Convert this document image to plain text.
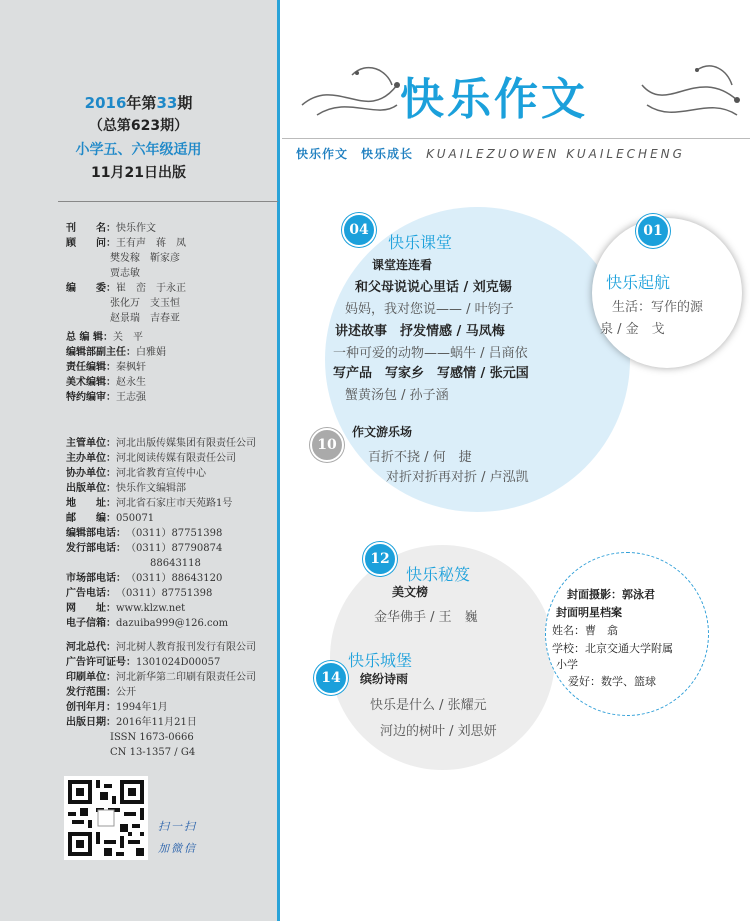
2016年第33期
（总第623期）
小学五、六年级适用
11月21日出版
刊　　名： 快乐作文
顾　　问： 王有声　蒋　凤
樊发稼　靳家彦
贾志敏
编　　委： 崔　峦　于永正
张化万　支玉恒
赵景瑞　吉春亚
总 编 辑： 关　平
编辑部副主任： 白雅娟
责任编辑： 秦枫轩
美术编辑： 赵永生
特约编审： 王志强
主管单位： 河北出版传媒集团有限责任公司
主办单位： 河北阅读传媒有限责任公司
协办单位： 河北省教育宣传中心
出版单位： 快乐作文编辑部
地　　址： 河北省石家庄市天苑路1号
邮　　编： 050071
编辑部电话： （0311）87751398
发行部电话： （0311）87790874
　　　　88643118
市场部电话： （0311）88643120
广告电话： （0311）87751398
网　　址： www.klzw.net
电子信箱： dazuiba999@126.com
河北总代： 河北树人教育报刊发行有限公司
广告许可证号： 1301024D00057
印刷单位： 河北新华第二印刷有限责任公司
发行范围： 公开
创刊年月： 1994年1月
出版日期： 2016年11月21日
ISSN 1673-0666
CN 13-1357 / G4
扫一扫
加微信
快乐作文
快乐作文　 快乐成长　 KUAILEZUOWEN KUAILECHENG
04
快乐课堂
课堂连连看
和父母说说心里话 / 刘克锡
妈妈，我对您说—— / 叶钧子
讲述故事　抒发情感 / 马凤梅
一种可爱的动物——蜗牛 / 吕商依
写产品　写家乡　写感情 / 张元国
蟹黄汤包 / 孙子涵
10
作文游乐场
百折不挠 / 何　捷
对折对折再对折 / 卢泓凯
01
快乐起航
生活：写作的源
泉 / 金　戈
12
快乐秘笈
美文榜
金华佛手 / 王　巍
快乐城堡
14	缤纷诗雨
快乐是什么 / 张耀元
河边的树叶 / 刘思妍
封面摄影：郭泳君
封面明星档案
姓名：曹　翕
学校：北京交通大学附属
小学
爱好：数学、篮球
